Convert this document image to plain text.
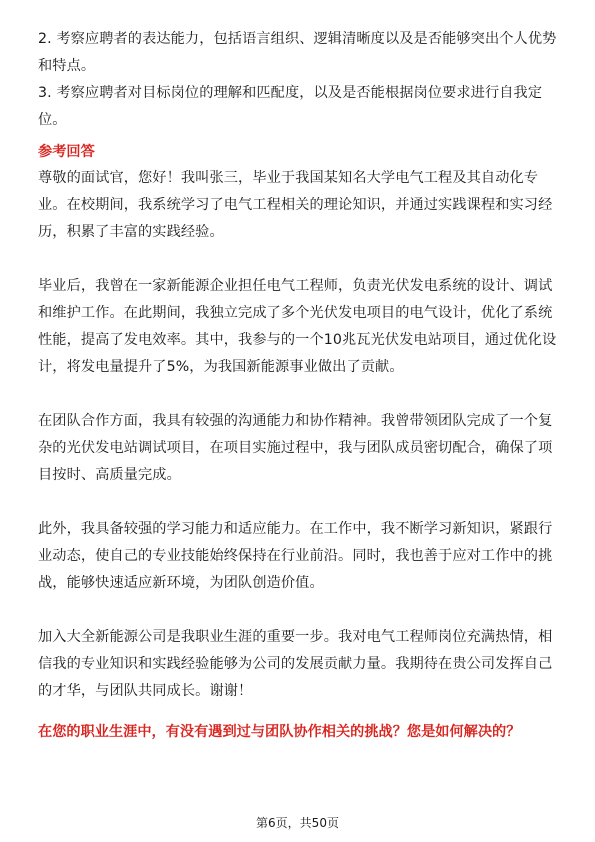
2. 考察应聘者的表达能力，包括语言组织、逻辑清晰度以及是否能够突出个人优势和特点。

3. 考察应聘者对目标岗位的理解和匹配度，以及是否能根据岗位要求进行自我定位。

参考回答

尊敬的面试官，您好！我叫张三，毕业于我国某知名大学电气工程及其自动化专业。在校期间，我系统学习了电气工程相关的理论知识，并通过实践课程和实习经历，积累了丰富的实践经验。

毕业后，我曾在一家新能源企业担任电气工程师，负责光伏发电系统的设计、调试和维护工作。在此期间，我独立完成了多个光伏发电项目的电气设计，优化了系统性能，提高了发电效率。其中，我参与的一个10兆瓦光伏发电站项目，通过优化设计，将发电量提升了5%，为我国新能源事业做出了贡献。

在团队合作方面，我具有较强的沟通能力和协作精神。我曾带领团队完成了一个复杂的光伏发电站调试项目，在项目实施过程中，我与团队成员密切配合，确保了项目按时、高质量完成。

此外，我具备较强的学习能力和适应能力。在工作中，我不断学习新知识，紧跟行业动态，使自己的专业技能始终保持在行业前沿。同时，我也善于应对工作中的挑战，能够快速适应新环境，为团队创造价值。

加入大全新能源公司是我职业生涯的重要一步。我对电气工程师岗位充满热情，相信我的专业知识和实践经验能够为公司的发展贡献力量。我期待在贵公司发挥自己的才华，与团队共同成长。谢谢！

在您的职业生涯中，有没有遇到过与团队协作相关的挑战？您是如何解决的？
第6页，共50页
